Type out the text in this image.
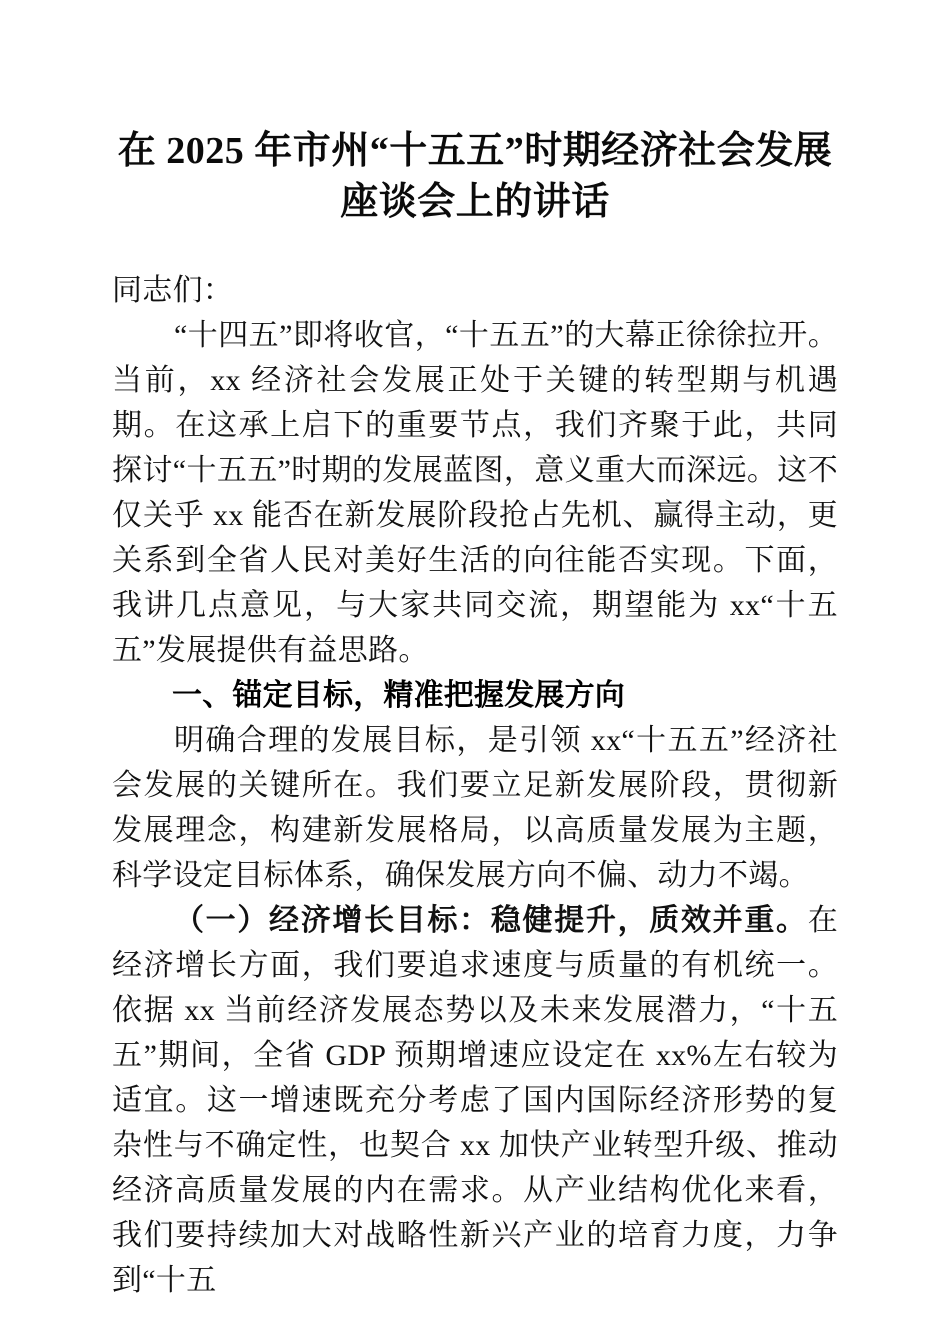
在 2025 年市州“十五五”时期经济社会发展
座谈会上的讲话

同志们：

“十四五”即将收官，“十五五”的大幕正徐徐拉开。当前，xx 经济社会发展正处于关键的转型期与机遇期。在这承上启下的重要节点，我们齐聚于此，共同探讨“十五五”时期的发展蓝图，意义重大而深远。这不仅关乎 xx 能否在新发展阶段抢占先机、赢得主动，更关系到全省人民对美好生活的向往能否实现。下面，我讲几点意见，与大家共同交流，期望能为 xx“十五五”发展提供有益思路。

一、锚定目标，精准把握发展方向

明确合理的发展目标，是引领 xx“十五五”经济社会发展的关键所在。我们要立足新发展阶段，贯彻新发展理念，构建新发展格局，以高质量发展为主题，科学设定目标体系，确保发展方向不偏、动力不竭。

（一）经济增长目标：稳健提升，质效并重。在经济增长方面，我们要追求速度与质量的有机统一。依据 xx 当前经济发展态势以及未来发展潜力，“十五五”期间，全省 GDP 预期增速应设定在 xx%左右较为适宜。这一增速既充分考虑了国内国际经济形势的复杂性与不确定性，也契合 xx 加快产业转型升级、推动经济高质量发展的内在需求。从产业结构优化来看，我们要持续加大对战略性新兴产业的培育力度，力争到“十五
